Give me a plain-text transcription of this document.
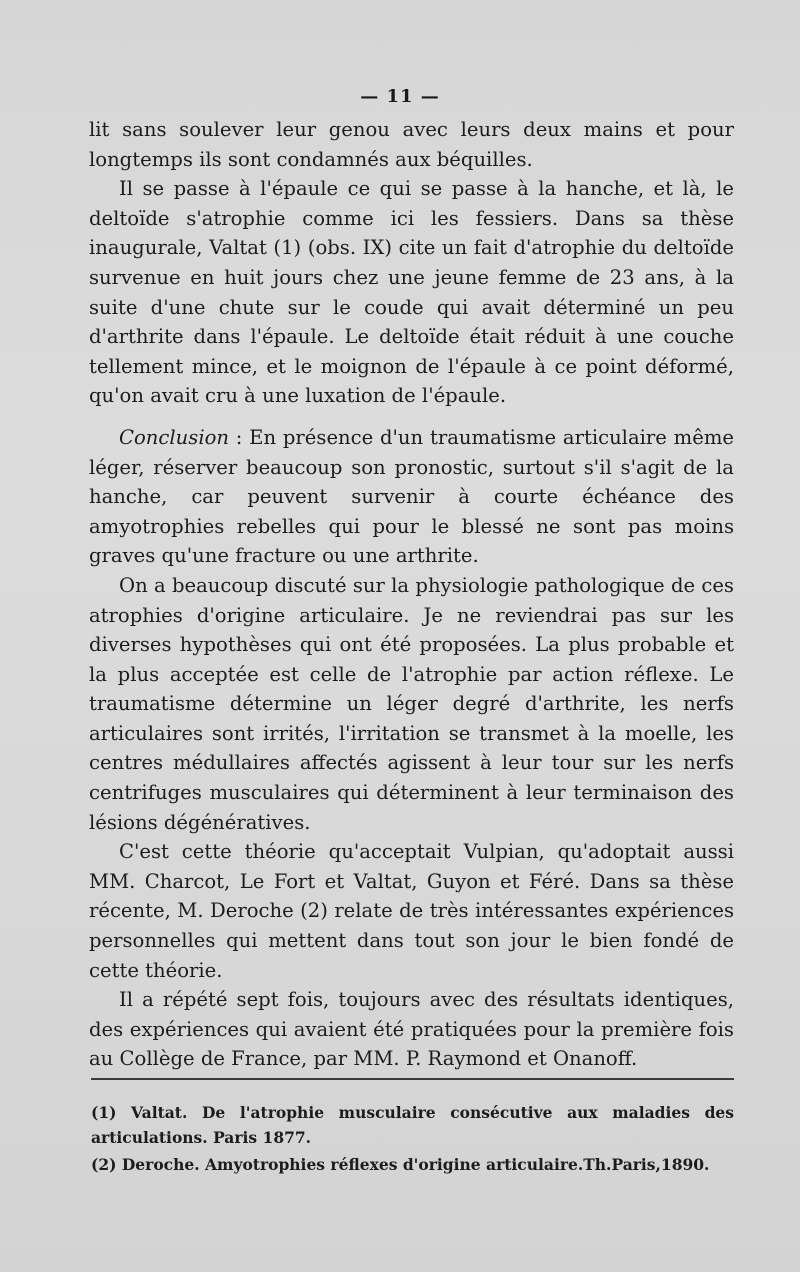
— 11 —

lit sans soulever leur genou avec leurs deux mains et pour longtemps ils sont condamnés aux béquilles.

Il se passe à l'épaule ce qui se passe à la hanche, et là, le deltoïde s'atrophie comme ici les fessiers. Dans sa thèse inaugurale, Valtat (1) (obs. IX) cite un fait d'atrophie du deltoïde survenue en huit jours chez une jeune femme de 23 ans, à la suite d'une chute sur le coude qui avait déterminé un peu d'arthrite dans l'épaule. Le deltoïde était réduit à une couche tellement mince, et le moignon de l'épaule à ce point déformé, qu'on avait cru à une luxation de l'épaule.

Conclusion : En présence d'un traumatisme articulaire même léger, réserver beaucoup son pronostic, surtout s'il s'agit de la hanche, car peuvent survenir à courte échéance des amyotrophies rebelles qui pour le blessé ne sont pas moins graves qu'une fracture ou une arthrite.

On a beaucoup discuté sur la physiologie pathologique de ces atrophies d'origine articulaire. Je ne reviendrai pas sur les diverses hypothèses qui ont été proposées. La plus probable et la plus acceptée est celle de l'atrophie par action réflexe. Le traumatisme détermine un léger degré d'arthrite, les nerfs articulaires sont irrités, l'irritation se transmet à la moelle, les centres médullaires affectés agissent à leur tour sur les nerfs centrifuges musculaires qui déterminent à leur terminaison des lésions dégénératives.

C'est cette théorie qu'acceptait Vulpian, qu'adoptait aussi MM. Charcot, Le Fort et Valtat, Guyon et Féré. Dans sa thèse récente, M. Deroche (2) relate de très intéressantes expériences personnelles qui mettent dans tout son jour le bien fondé de cette théorie.

Il a répété sept fois, toujours avec des résultats identiques, des expériences qui avaient été pratiquées pour la première fois au Collège de France, par MM. P. Raymond et Onanoff.

(1) Valtat. De l'atrophie musculaire consécutive aux maladies des articulations. Paris 1877.

(2) Deroche. Amyotrophies réflexes d'origine articulaire.Th.Paris,1890.
